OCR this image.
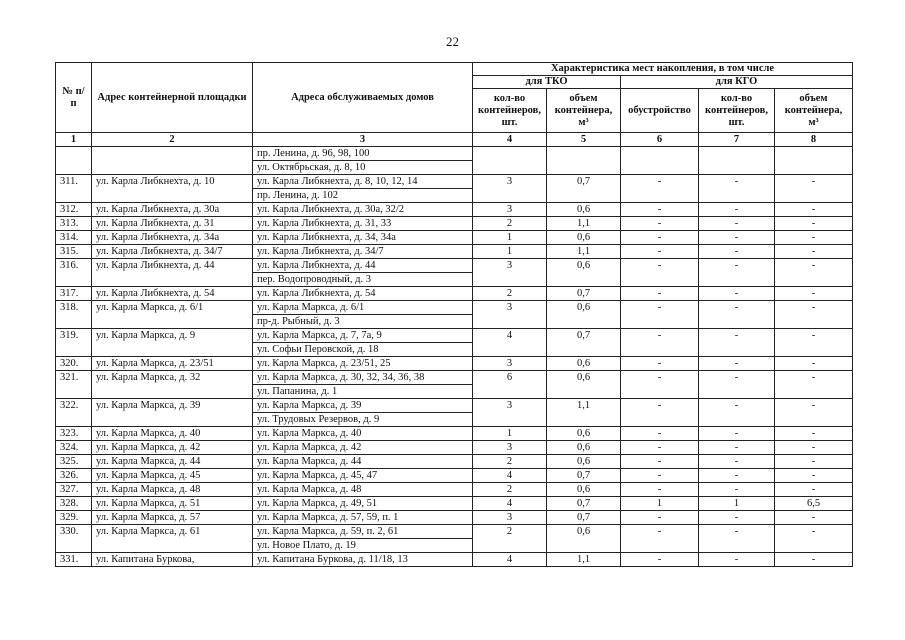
22
№ п/п	Адрес контейнерной площадки	Адреса обслуживаемых домов	Характеристика мест накопления, в том числе				
			для ТКО		для КГО		
			кол-во контейнеров, шт.	объем контейнера, м³	обустройство	кол-во контейнеров, шт.	объем контейнера, м³
1	2	3	4	5	6	7	8
		пр. Ленина, д. 96, 98, 100					
		ул. Октябрьская, д. 8, 10					
311.	ул. Карла Либкнехта, д. 10	ул. Карла Либкнехта, д. 8, 10, 12, 14	3	0,7	-	-	-
		пр. Ленина, д. 102					
312.	ул. Карла Либкнехта, д. 30а	ул. Карла Либкнехта, д. 30а, 32/2	3	0,6	-	-	-
313.	ул. Карла Либкнехта, д. 31	ул. Карла Либкнехта, д. 31, 33	2	1,1	-	-	-
314.	ул. Карла Либкнехта, д. 34а	ул. Карла Либкнехта, д. 34, 34а	1	0,6	-	-	-
315.	ул. Карла Либкнехта, д. 34/7	ул. Карла Либкнехта, д. 34/7	1	1,1	-	-	-
316.	ул. Карла Либкнехта, д. 44	ул. Карла Либкнехта, д. 44	3	0,6	-	-	-
		пер. Водопроводный, д. 3					
317.	ул. Карла Либкнехта, д. 54	ул. Карла Либкнехта, д. 54	2	0,7	-	-	-
318.	ул. Карла Маркса, д. 6/1	ул. Карла Маркса, д. 6/1	3	0,6	-	-	-
		пр-д. Рыбный, д. 3					
319.	ул. Карла Маркса, д. 9	ул. Карла Маркса, д. 7, 7а, 9	4	0,7	-	-	-
		ул. Софьи Перовской, д. 18					
320.	ул. Карла Маркса, д. 23/51	ул. Карла Маркса, д. 23/51, 25	3	0,6	-	-	-
321.	ул. Карла Маркса, д. 32	ул. Карла Маркса, д. 30, 32, 34, 36, 38	6	0,6	-	-	-
		ул. Папанина, д. 1					
322.	ул. Карла Маркса, д. 39	ул. Карла Маркса, д. 39	3	1,1	-	-	-
		ул. Трудовых Резервов, д. 9					
323.	ул. Карла Маркса, д. 40	ул. Карла Маркса, д. 40	1	0,6	-	-	-
324.	ул. Карла Маркса, д. 42	ул. Карла Маркса, д. 42	3	0,6	-	-	-
325.	ул. Карла Маркса, д. 44	ул. Карла Маркса, д. 44	2	0,6	-	-	-
326.	ул. Карла Маркса, д. 45	ул. Карла Маркса, д. 45, 47	4	0,7	-	-	-
327.	ул. Карла Маркса, д. 48	ул. Карла Маркса, д. 48	2	0,6	-	-	-
328.	ул. Карла Маркса, д. 51	ул. Карла Маркса, д. 49, 51	4	0,7	1	1	6,5
329.	ул. Карла Маркса, д. 57	ул. Карла Маркса, д. 57, 59, п. 1	3	0,7	-	-	-
330.	ул. Карла Маркса, д. 61	ул. Карла Маркса, д. 59, п. 2, 61	2	0,6	-	-	-
		ул. Новое Плато, д. 19					
331.	ул. Капитана Буркова,	ул. Капитана Буркова, д. 11/18, 13	4	1,1	-	-	-
